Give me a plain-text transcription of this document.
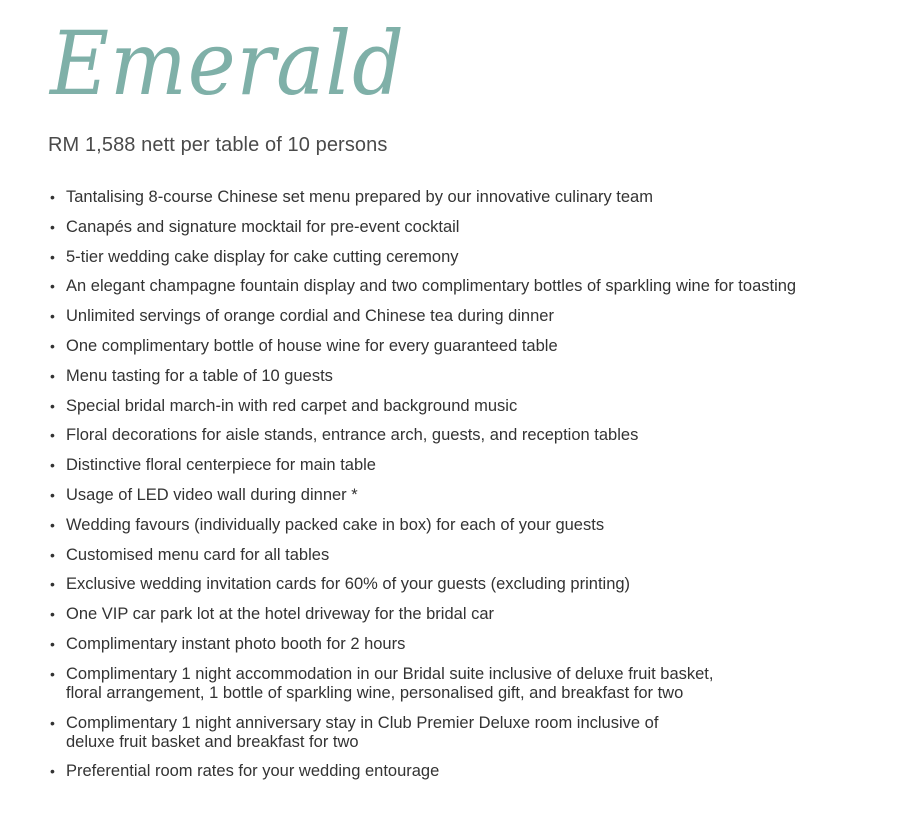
Emerald
RM 1,588 nett per table of 10 persons
• Tantalising 8-course Chinese set menu prepared by our innovative culinary team
• Canapés and signature mocktail for pre-event cocktail
• 5-tier wedding cake display for cake cutting ceremony
• An elegant champagne fountain display and two complimentary bottles of sparkling wine for toasting
• Unlimited servings of orange cordial and Chinese tea during dinner
• One complimentary bottle of house wine for every guaranteed table
• Menu tasting for a table of 10 guests
• Special bridal march-in with red carpet and background music
• Floral decorations for aisle stands, entrance arch, guests, and reception tables
• Distinctive floral centerpiece for main table
• Usage of LED video wall during dinner *
• Wedding favours (individually packed cake in box) for each of your guests
• Customised menu card for all tables
• Exclusive wedding invitation cards for 60% of your guests (excluding printing)
• One VIP car park lot at the hotel driveway for the bridal car
• Complimentary instant photo booth for 2 hours
• Complimentary 1 night accommodation in our Bridal suite inclusive of deluxe fruit basket,
floral arrangement, 1 bottle of sparkling wine, personalised gift, and breakfast for two
• Complimentary 1 night anniversary stay in Club Premier Deluxe room inclusive of
deluxe fruit basket and breakfast for two
• Preferential room rates for your wedding entourage
